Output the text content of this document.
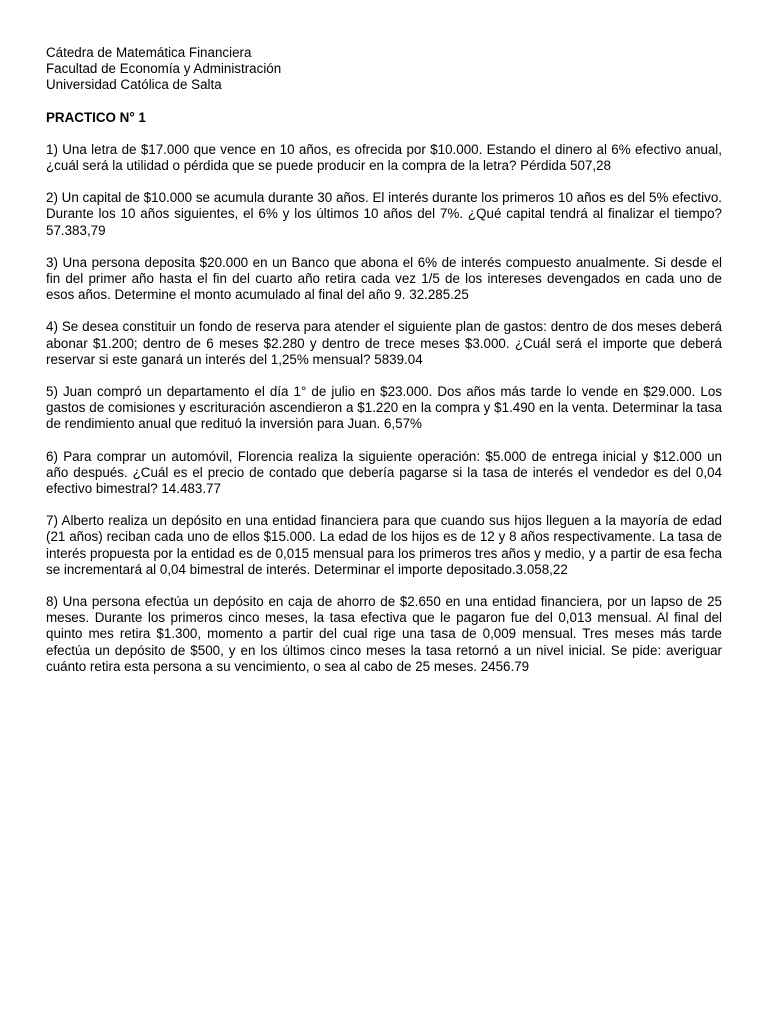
Cátedra de Matemática Financiera

Facultad de Economía y Administración

Universidad Católica de Salta

PRACTICO N° 1

1) Una letra de $17.000 que vence en 10 años, es ofrecida por $10.000. Estando el dinero al 6% efectivo anual, ¿cuál será la utilidad o pérdida que se puede producir en la compra de la letra? Pérdida 507,28

2) Un capital de $10.000 se acumula durante 30 años. El interés durante los primeros 10 años es del 5% efectivo. Durante los 10 años siguientes, el 6% y los últimos 10 años del 7%. ¿Qué capital tendrá al finalizar el tiempo? 57.383,79

3) Una persona deposita $20.000 en un Banco que abona el 6% de interés compuesto anualmente. Si desde el fin del primer año hasta el fin del cuarto año retira cada vez 1/5 de los intereses devengados en cada uno de esos años. Determine el monto acumulado al final del año 9. 32.285.25

4) Se desea constituir un fondo de reserva para atender el siguiente plan de gastos: dentro de dos meses deberá abonar $1.200; dentro de 6 meses $2.280 y dentro de trece meses $3.000. ¿Cuál será el importe que deberá reservar si este ganará un interés del 1,25% mensual? 5839.04

5) Juan compró un departamento el día 1° de julio en $23.000. Dos años más tarde lo vende en $29.000. Los gastos de comisiones y escrituración ascendieron a $1.220 en la compra y $1.490 en la venta. Determinar la tasa de rendimiento anual que redituó la inversión para Juan. 6,57%

6) Para comprar un automóvil, Florencia realiza la siguiente operación: $5.000 de entrega inicial y $12.000 un año después. ¿Cuál es el precio de contado que debería pagarse si la tasa de interés el vendedor es del 0,04 efectivo bimestral? 14.483.77

7) Alberto realiza un depósito en una entidad financiera para que cuando sus hijos lleguen a la mayoría de edad (21 años) reciban cada uno de ellos $15.000. La edad de los hijos es de 12 y 8 años respectivamente. La tasa de interés propuesta por la entidad es de 0,015 mensual para los primeros tres años y medio, y a partir de esa fecha se incrementará al 0,04 bimestral de interés. Determinar el importe depositado.3.058,22

8) Una persona efectúa un depósito en caja de ahorro de $2.650 en una entidad financiera, por un lapso de 25 meses. Durante los primeros cinco meses, la tasa efectiva que le pagaron fue del 0,013 mensual. Al final del quinto mes retira $1.300, momento a partir del cual rige una tasa de 0,009 mensual. Tres meses más tarde efectúa un depósito de $500, y en los últimos cinco meses la tasa retornó a un nivel inicial. Se pide: averiguar cuánto retira esta persona a su vencimiento, o sea al cabo de 25 meses. 2456.79
